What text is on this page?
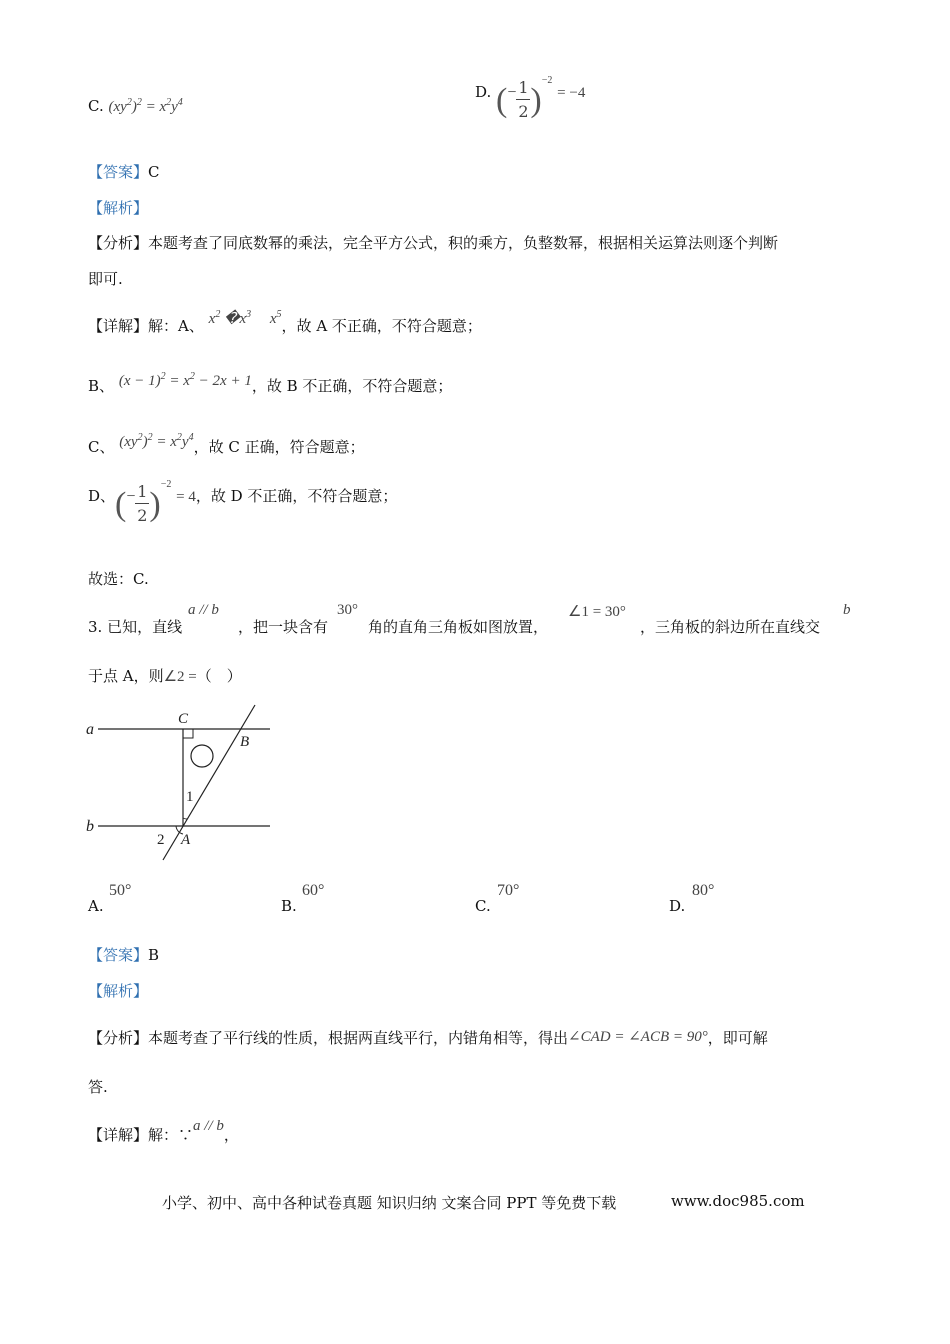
C. $(xy^2)^2 = x^2y^4$
D. (− $\frac{1}{2} )^{-2} = -4$
【答案】C
【解析】
【分析】本题考查了同底数幂的乘法，完全平方公式，积的乘方，负整数幂，根据相关运算法则逐个判断
即可.
【详解】解：A、 $x^2$ $�x^3$     $x^5$，故 A 不正确，不符合题意；
B、 $(x - 1)^2 = x^2 - 2x + 1$，故 B 不正确，不符合题意；
C、 $(xy^2)^2 = x^2y^4$，故 C 正确，符合题意；
D、(− $\frac{1}{2} )^{-2} = 4$，故 D 不正确，不符合题意；
故选：C.
3. 已知，直线
a // b
，把一块含有
30°
角的直角三角板如图放置，
∠1 = 30°
，三角板的斜边所在直线交
b
于点 A，则∠2 =（　）
a
b
C
B
A
1
2
A.
50°
B.
60°
C.
70°
D.
80°
【答案】B
【解析】
【分析】本题考查了平行线的性质，根据两直线平行，内错角相等，得出∠CAD = ∠ACB = 90°，即可解
答.
【详解】解：∵a // b，
小学、初中、高中各种试卷真题 知识归纳 文案合同 PPT 等免费下载	www.doc985.com
